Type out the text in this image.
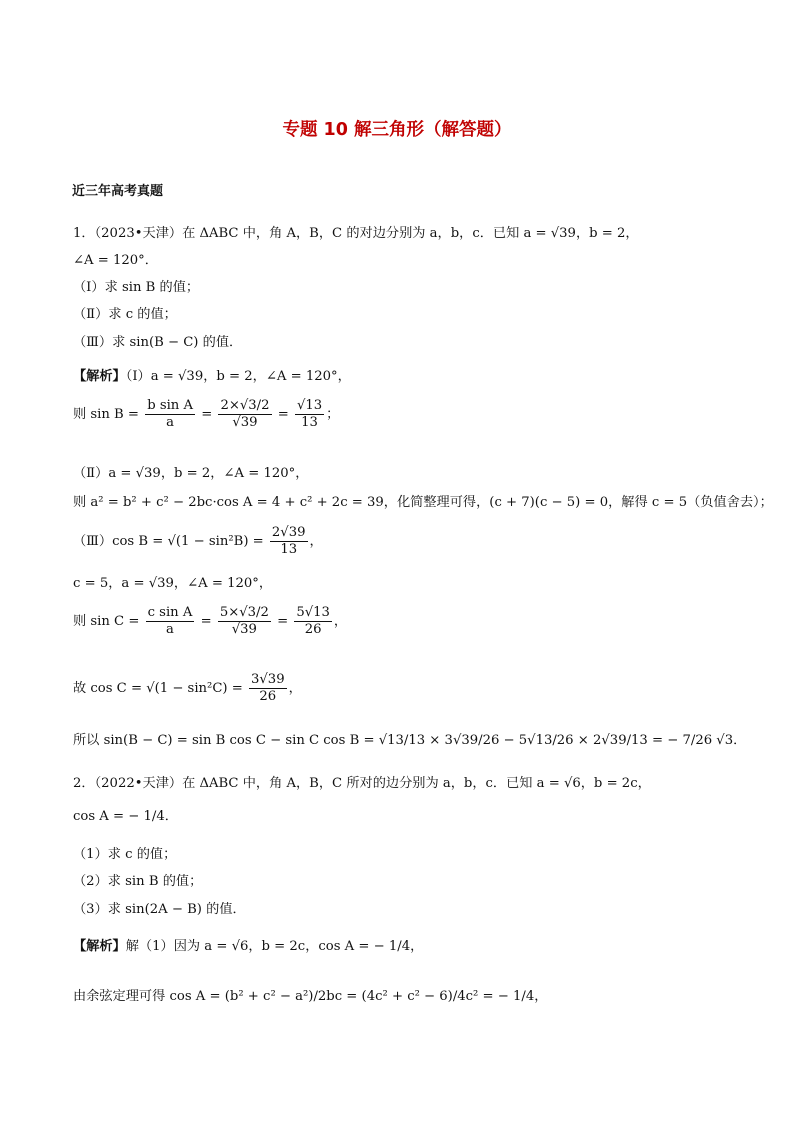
专题 10 解三角形（解答题）
近三年高考真题
1．（2023•天津）在 ΔABC 中，角 A，B，C 的对边分别为 a，b，c．已知 a = √39，b = 2，
∠A = 120°．
（Ⅰ）求 sin B 的值；
（Ⅱ）求 c 的值；
（Ⅲ）求 sin(B − C) 的值．
【解析】（Ⅰ）a = √39，b = 2，∠A = 120°，
则 $\sin B = \frac{\text{b sin A}}{a} = \frac{2\times√3/2}{√39} = \frac{√13}{13}$ ；
（Ⅱ）a = √39，b = 2，∠A = 120°，
则 a² = b² + c² − 2bc·cos A = 4 + c² + 2c = 39，化简整理可得，(c + 7)(c − 5) = 0，解得 c = 5（负值舍去）；
（Ⅲ）cos $B = √(1 - \sin^2B) = \frac{2√39}{13}$ ，
c = 5，a = √39，∠A = 120°，
则 $\sin C = \frac{\text{c sin A}}{a} = \frac{5\times√3/2}{√39} = \frac{5√13}{26}$ ，
故 $\cos C = √(1 - \sin^2C) = \frac{3√39}{26}$ ，
所以 sin(B − C) = sin B cos C − sin C cos B = √13/13 × 3√39/26 − 5√13/26 × 2√39/13 = − 7/26 √3．
2．（2022•天津）在 ΔABC 中，角 A，B，C 所对的边分别为 a，b，c．已知 a = √6，b = 2c，
cos A = − 1/4．
（1）求 c 的值；
（2）求 sin B 的值；
（3）求 sin(2A − B) 的值．
【解析】解（1）因为 a = √6，b = 2c，cos A = − 1/4，
由余弦定理可得 cos A = (b² + c² − a²)/2bc = (4c² + c² − 6)/4c² = − 1/4，
